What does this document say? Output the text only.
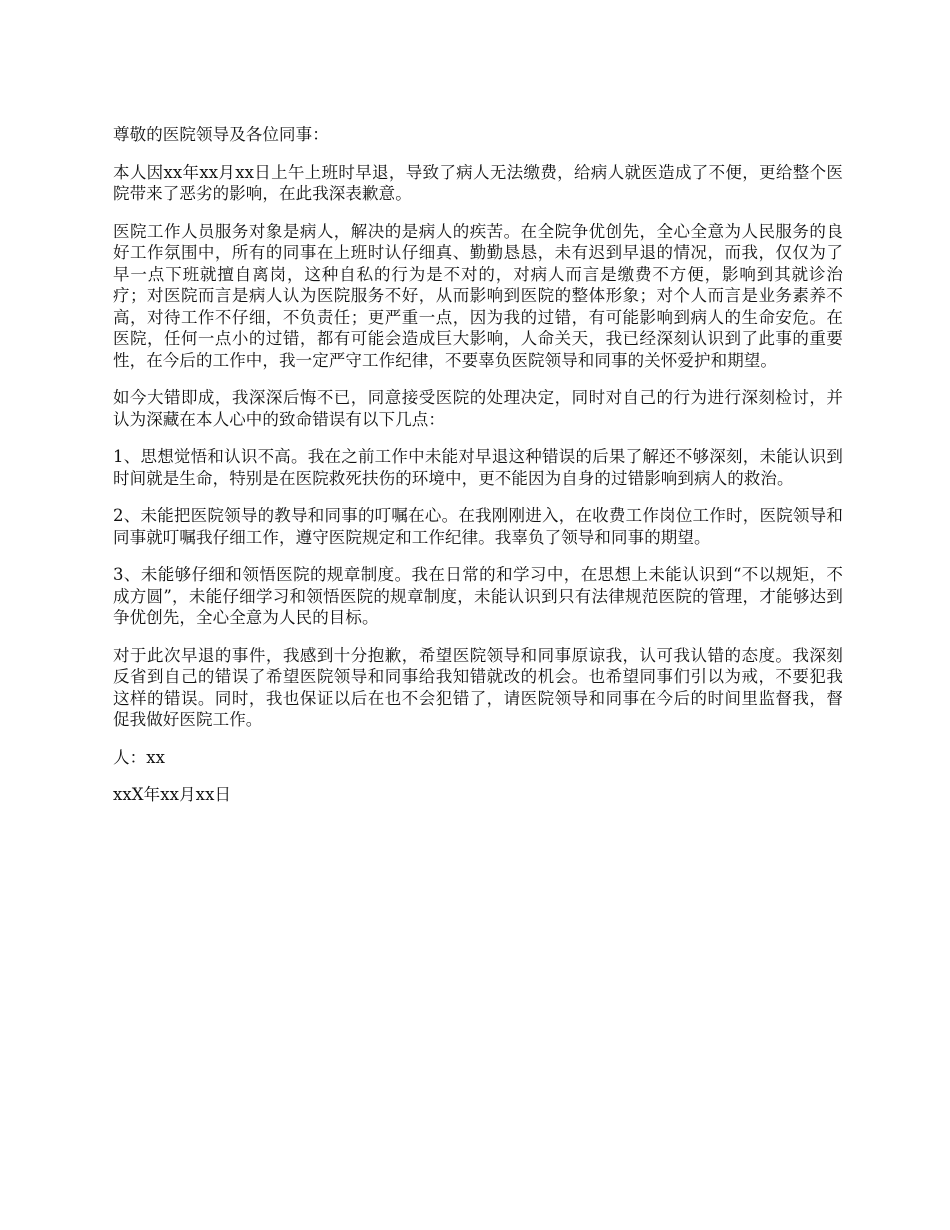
尊敬的医院领导及各位同事：

本人因xx年xx月xx日上午上班时早退，导致了病人无法缴费，给病人就医造成了不便，更给整个医院带来了恶劣的影响，在此我深表歉意。

医院工作人员服务对象是病人，解决的是病人的疾苦。在全院争优创先，全心全意为人民服务的良好工作氛围中，所有的同事在上班时认仔细真、勤勤恳恳，未有迟到早退的情况，而我，仅仅为了早一点下班就擅自离岗，这种自私的行为是不对的，对病人而言是缴费不方便，影响到其就诊治疗；对医院而言是病人认为医院服务不好，从而影响到医院的整体形象；对个人而言是业务素养不高，对待工作不仔细，不负责任；更严重一点，因为我的过错，有可能影响到病人的生命安危。在医院，任何一点小的过错，都有可能会造成巨大影响，人命关天，我已经深刻认识到了此事的重要性，在今后的工作中，我一定严守工作纪律，不要辜负医院领导和同事的关怀爱护和期望。

如今大错即成，我深深后悔不已，同意接受医院的处理决定，同时对自己的行为进行深刻检讨，并认为深藏在本人心中的致命错误有以下几点：

1、思想觉悟和认识不高。我在之前工作中未能对早退这种错误的后果了解还不够深刻，未能认识到时间就是生命，特别是在医院救死扶伤的环境中，更不能因为自身的过错影响到病人的救治。

2、未能把医院领导的教导和同事的叮嘱在心。在我刚刚进入，在收费工作岗位工作时，医院领导和同事就叮嘱我仔细工作，遵守医院规定和工作纪律。我辜负了领导和同事的期望。

3、未能够仔细和领悟医院的规章制度。我在日常的和学习中，在思想上未能认识到“不以规矩，不成方圆”，未能仔细学习和领悟医院的规章制度，未能认识到只有法律规范医院的管理，才能够达到争优创先，全心全意为人民的目标。

对于此次早退的事件，我感到十分抱歉，希望医院领导和同事原谅我，认可我认错的态度。我深刻反省到自己的错误了希望医院领导和同事给我知错就改的机会。也希望同事们引以为戒，不要犯我这样的错误。同时，我也保证以后在也不会犯错了，请医院领导和同事在今后的时间里监督我，督促我做好医院工作。

人：xx

xxX年xx月xx日
